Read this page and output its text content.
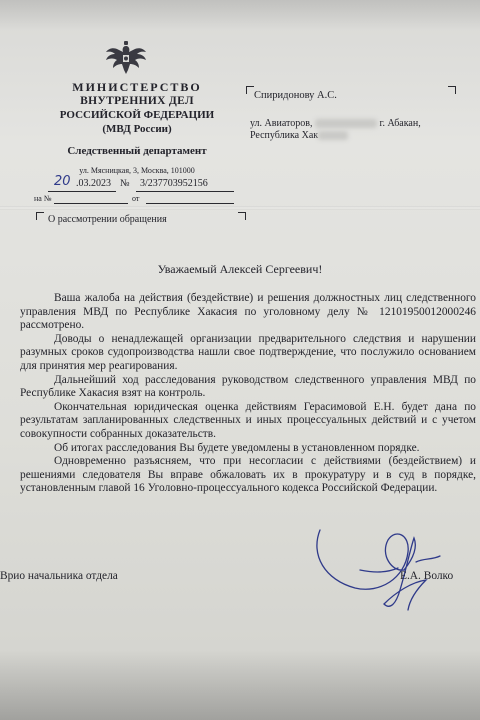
МИНИСТЕРСТВО
ВНУТРЕННИХ ДЕЛ
РОССИЙСКОЙ ФЕДЕРАЦИИ
(МВД России)
Следственный департамент
ул. Мясницкая, 3, Москва, 101000
20 .03.2023 № 3/237703952156
на №	от
О рассмотрении обращения
Спиридонову А.С.
ул. Авиаторов,	г. Абакан,
Республика Хак
Уважаемый Алексей Сергеевич!

Ваша жалоба на действия (бездействие) и решения должностных лиц следственного управления МВД по Республике Хакасия по уголовному делу № 12101950012000246 рассмотрено.

Доводы о ненадлежащей организации предварительного следствия и нарушении разумных сроков судопроизводства нашли свое подтверждение, что послужило основанием для принятия мер реагирования.

Дальнейший ход расследования руководством следственного управления МВД по Республике Хакасия взят на контроль.

Окончательная юридическая оценка действиям Герасимовой Е.Н. будет дана по результатам запланированных следственных и иных процессуальных действий и с учетом совокупности собранных доказательств.

Об итогах расследования Вы будете уведомлены в установленном порядке.

Одновременно разъясняем, что при несогласии с действиями (бездействием) и решениями следователя Вы вправе обжаловать их в прокуратуру и в суд в порядке, установленным главой 16 Уголовно-процессуального кодекса Российской Федерации.

Врио начальника отдела	Е.А. Волко
